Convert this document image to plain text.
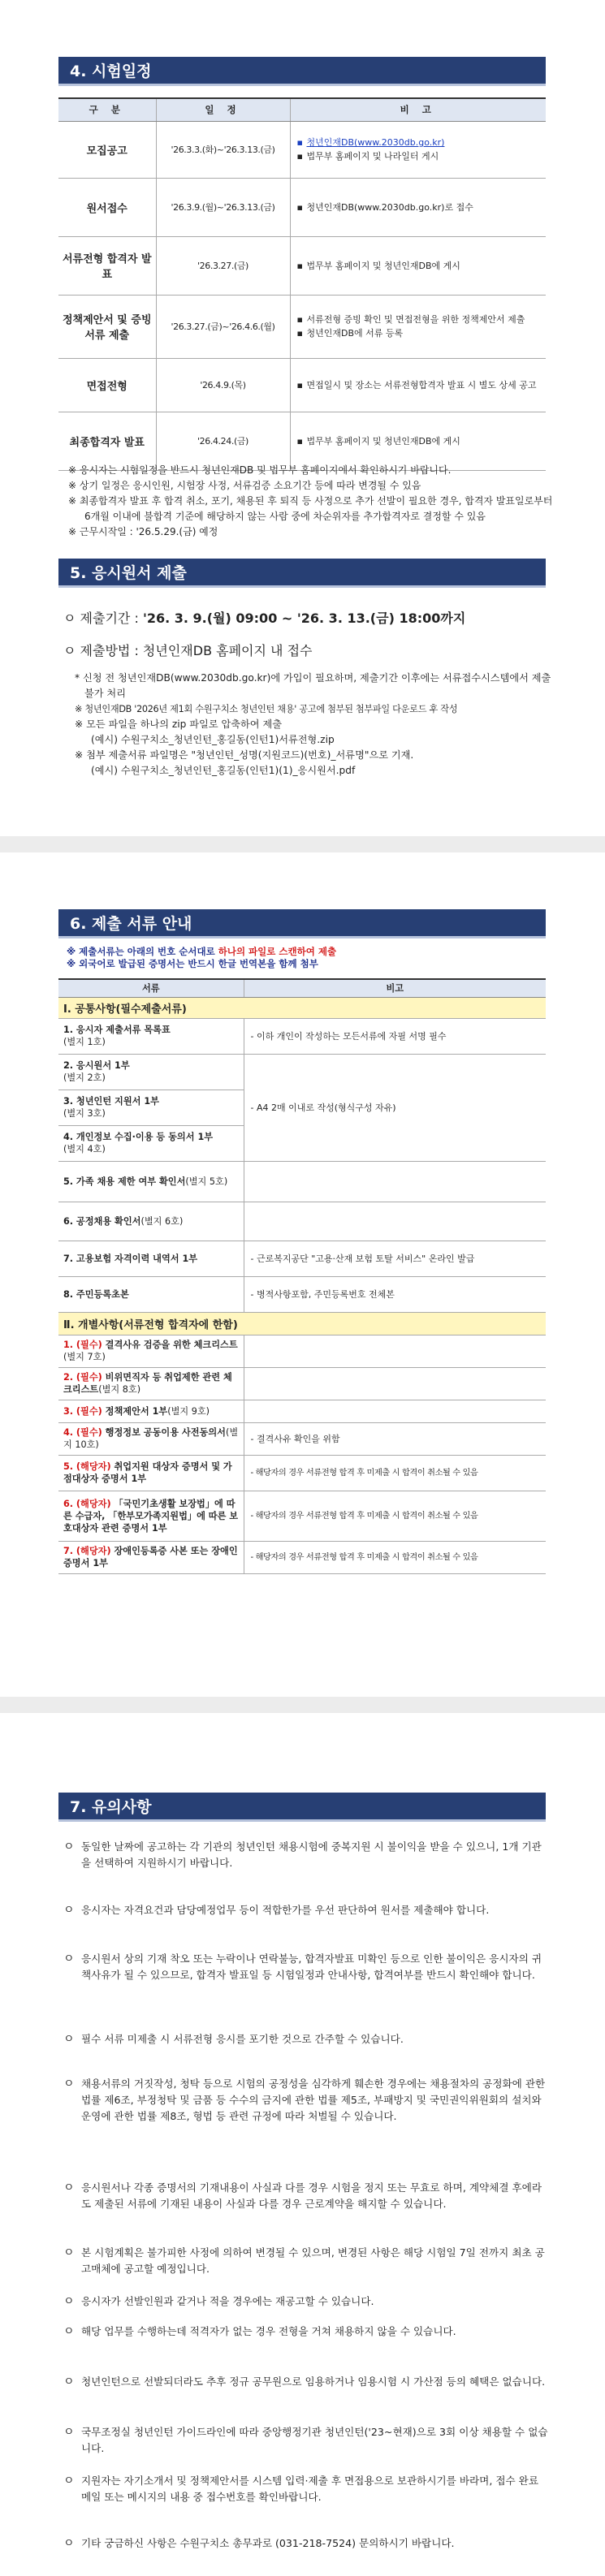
4. 시험일정
구 분	일 정	비 고
모집공고	'26.3.3.(화)~'26.3.13.(금)	▪ 청년인재DB(www.2030db.go.kr)
▪ 법무부 홈페이지 및 나라일터 게시

원서접수	'26.3.9.(월)~'26.3.13.(금)	▪ 청년인재DB(www.2030db.go.kr)로 접수

서류전형 합격자 발표	'26.3.27.(금)	▪ 법무부 홈페이지 및 청년인재DB에 게시

정책제안서 및 증빙서류 제출	'26.3.27.(금)~'26.4.6.(월)	▪ 서류전형 증빙 확인 및 면접전형을 위한 정책제안서 제출
▪ 청년인재DB에 서류 등록

면접전형	'26.4.9.(목)	▪ 면접일시 및 장소는 서류전형합격자 발표 시 별도 상세 공고

최종합격자 발표	'26.4.24.(금)	▪ 법무부 홈페이지 및 청년인재DB에 게시
※ 응시자는 시험일정을 반드시 청년인재DB 및 법무부 홈페이지에서 확인하시기 바랍니다.
※ 상기 일정은 응시인원, 시험장 사정, 서류검증 소요기간 등에 따라 변경될 수 있음
※ 최종합격자 발표 후 합격 취소, 포기, 채용된 후 퇴직 등 사정으로 추가 선발이 필요한 경우, 합격자 발표일로부터 6개월 이내에 불합격 기준에 해당하지 않는 사람 중에 차순위자를 추가합격자로 결정할 수 있음
※ 근무시작일 : '26.5.29.(금) 예정
5. 응시원서 제출
ㅇ 제출기간 : '26. 3. 9.(월) 09:00 ~ '26. 3. 13.(금) 18:00까지
ㅇ 제출방법 : 청년인재DB 홈페이지 내 접수
* 신청 전 청년인재DB(www.2030db.go.kr)에 가입이 필요하며, 제출기간 이후에는 서류접수시스템에서 제출 불가 처리
※ 청년인재DB '2026년 제1회 수원구치소 청년인턴 채용' 공고에 첨부된 첨부파일 다운로드 후 작성
※ 모든 파일을 하나의 zip 파일로 압축하여 제출
(예시) 수원구치소_청년인턴_홍길동(인턴1)서류전형.zip
※ 첨부 제출서류 파일명은 "청년인턴_성명(지원코드)(번호)_서류명"으로 기재.
(예시) 수원구치소_청년인턴_홍길동(인턴1)(1)_응시원서.pdf
6. 제출 서류 안내
※ 제출서류는 아래의 번호 순서대로 하나의 파일로 스캔하여 제출
※ 외국어로 발급된 증명서는 반드시 한글 번역본을 함께 첨부
서류	비고
Ⅰ. 공통사항(필수제출서류)	
1. 응시자 제출서류 목록표
(별지 1호)	- 이하 개인이 작성하는 모든서류에 자필 서명 필수
2. 응시원서 1부
(별지 2호)	- A4 2매 이내로 작성(형식구성 자유)
3. 청년인턴 지원서 1부
(별지 3호)	
4. 개인정보 수집·이용 등 동의서 1부
(별지 4호)	
5. 가족 채용 제한 여부 확인서(별지 5호)	
6. 공정채용 확인서(별지 6호)	
7. 고용보험 자격이력 내역서 1부	- 근로복지공단 "고용·산재 보험 토탈 서비스" 온라인 발급
8. 주민등록초본	- 병적사항포함, 주민등록번호 전체본
Ⅱ. 개별사항(서류전형 합격자에 한함)	
1. (필수) 결격사유 검증을 위한 체크리스트
(별지 7호)	
2. (필수) 비위면직자 등 취업제한 관련 체크리스트(별지 8호)	
3. (필수) 정책제안서 1부(별지 9호)	
4. (필수) 행정정보 공동이용 사전동의서(별지 10호)	- 결격사유 확인을 위함
5. (해당자) 취업지원 대상자 증명서 및 가점대상자 증명서 1부	- 해당자의 경우 서류전형 합격 후 미제출 시 합격이 취소될 수 있음
6. (해당자) 「국민기초생활 보장법」에 따른 수급자, 「한부모가족지원법」에 따른 보호대상자 관련 증명서 1부	- 해당자의 경우 서류전형 합격 후 미제출 시 합격이 취소될 수 있음
7. (해당자) 장애인등록증 사본 또는 장애인증명서 1부	- 해당자의 경우 서류전형 합격 후 미제출 시 합격이 취소될 수 있음
7. 유의사항
ㅇ 동일한 날짜에 공고하는 각 기관의 청년인턴 채용시험에 중복지원 시 불이익을 받을 수 있으니, 1개 기관을 선택하여 지원하시기 바랍니다.
ㅇ 응시자는 자격요건과 담당예정업무 등이 적합한가를 우선 판단하여 원서를 제출해야 합니다.
ㅇ 응시원서 상의 기재 착오 또는 누락이나 연락불능, 합격자발표 미확인 등으로 인한 불이익은 응시자의 귀책사유가 될 수 있으므로, 합격자 발표일 등 시험일정과 안내사항, 합격여부를 반드시 확인해야 합니다.
ㅇ 필수 서류 미제출 시 서류전형 응시를 포기한 것으로 간주할 수 있습니다.
ㅇ 채용서류의 거짓작성, 청탁 등으로 시험의 공정성을 심각하게 훼손한 경우에는 채용절차의 공정화에 관한 법률 제6조, 부정청탁 및 금품 등 수수의 금지에 관한 법률 제5조, 부패방지 및 국민권익위원회의 설치와 운영에 관한 법률 제8조, 형법 등 관련 규정에 따라 처벌될 수 있습니다.
ㅇ 응시원서나 각종 증명서의 기재내용이 사실과 다를 경우 시험을 정지 또는 무효로 하며, 계약체결 후에라도 제출된 서류에 기재된 내용이 사실과 다를 경우 근로계약을 해지할 수 있습니다.
ㅇ 본 시험계획은 불가피한 사정에 의하여 변경될 수 있으며, 변경된 사항은 해당 시험일 7일 전까지 최초 공고매체에 공고할 예정입니다.
ㅇ 응시자가 선발인원과 같거나 적을 경우에는 재공고할 수 있습니다.
ㅇ 해당 업무를 수행하는데 적격자가 없는 경우 전형을 거쳐 채용하지 않을 수 있습니다.
ㅇ 청년인턴으로 선발되더라도 추후 정규 공무원으로 임용하거나 임용시험 시 가산점 등의 혜택은 없습니다.
ㅇ 국무조정실 청년인턴 가이드라인에 따라 중앙행정기관 청년인턴('23~현재)으로 3회 이상 채용할 수 없습니다.
ㅇ 지원자는 자기소개서 및 정책제안서를 시스템 입력·제출 후 면접용으로 보관하시기를 바라며, 접수 완료 메일 또는 메시지의 내용 중 접수번호를 확인바랍니다.
ㅇ 기타 궁금하신 사항은 수원구치소 총무과로 (031-218-7524) 문의하시기 바랍니다.
